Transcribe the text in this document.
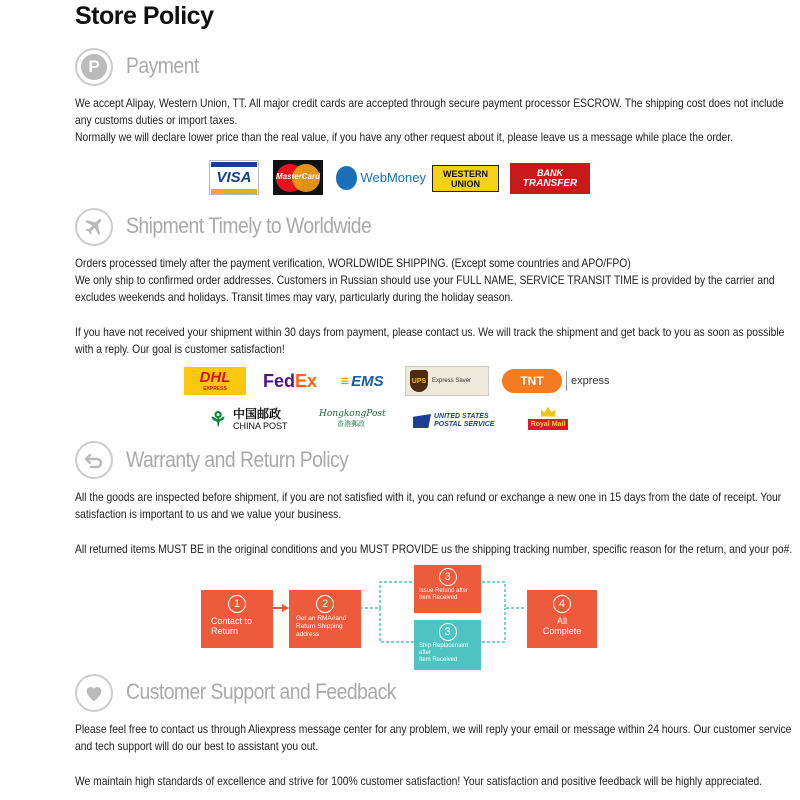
Store Policy
P	Payment
We accept Alipay, Western Union, TT. All major credit cards are accepted through secure payment processor ESCROW. The shipping cost does not include
any customs duties or import taxes.
Normally we will declare lower price than the real value, if you have any other request about it, please leave us a message while place the order.
VISA	MasterCard	WebMoney WESTERN
UNION
BANK
TRANSFER
Shipment Timely to Worldwide
Orders processed timely after the payment verification, WORLDWIDE SHIPPING. (Except some countries and APO/FPO)
We only ship to confirmed order addresses. Customers in Russian should use your FULL NAME, SERVICE TRANSIT TIME is provided by the carrier and
excludes weekends and holidays. Transit times may vary, particularly during the holiday season.
If you have not received your shipment within 30 days from payment, please contact us. We will track the shipment and get back to you as soon as possible
with a reply. Our goal is customer satisfaction!
DHL
EXPRESS Fed Ex ≡ EMS	UPS Express Saver	TNT	express
⚘ 中国邮政
CHINA POST
HongkongPost
香港郵政
UNITED STATES
POSTAL SERVICE	Royal Mail
Warranty and Return Policy
All the goods are inspected before shipment, if you are not satisfied with it, you can refund or exchange a new one in 15 days from the date of receipt. Your
satisfaction is important to us and we value your business.
All returned items MUST BE in the original conditions and you MUST PROVIDE us the shipping tracking number, specific reason for the return, and your po#.
1
Contact to
Return
2
Get an RMA#and
Return Shipping
address
3
Issue Refund after
Item Received
3
Ship Replacement
after
Item Received
4
All
Complete
Customer Support and Feedback
Please feel free to contact us through Aliexpress message center for any problem, we will reply your email or message within 24 hours. Our customer service
and tech support will do our best to assistant you out.
We maintain high standards of excellence and strive for 100% customer satisfaction! Your satisfaction and positive feedback will be highly appreciated.
